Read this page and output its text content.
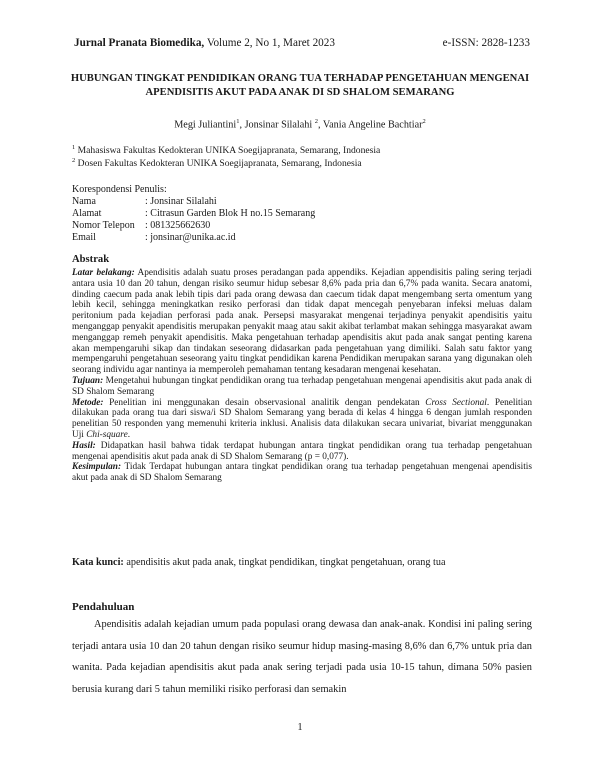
Jurnal Pranata Biomedika, Volume 2, No 1, Maret 2023	e-ISSN: 2828-1233
HUBUNGAN TINGKAT PENDIDIKAN ORANG TUA TERHADAP PENGETAHUAN MENGENAI APENDISITIS AKUT PADA ANAK DI SD SHALOM SEMARANG
Megi Juliantini$^1$, Jonsinar Silalahi $^2$, Vania Angeline Bachtiar$^2$
$^1$ Mahasiswa Fakultas Kedokteran UNIKA Soegijapranata, Semarang, Indonesia
$^2$ Dosen Fakultas Kedokteran UNIKA Soegijapranata, Semarang, Indonesia
Korespondensi Penulis:
Nama	: Jonsinar Silalahi
Alamat	: Citrasun Garden Blok H no.15 Semarang
Nomor Telepon : 08132566​2630
Email	: jonsinar@unika.ac.id
Abstrak

Latar belakang: Apendisitis adalah suatu proses peradangan pada appendiks. Kejadian appendisitis paling sering terjadi antara usia 10 dan 20 tahun, dengan risiko seumur hidup sebesar 8,6% pada pria dan 6,7% pada wanita. Secara anatomi, dinding caecum pada anak lebih tipis dari pada orang dewasa dan caecum tidak dapat mengembang serta omentum yang lebih kecil, sehingga meningkatkan resiko perforasi dan tidak dapat mencegah penyebaran infeksi meluas dalam peritonium pada kejadian perforasi pada anak. Persepsi masyarakat mengenai terjadinya penyakit apendisitis yaitu menganggap penyakit apendisitis merupakan penyakit maag atau sakit akibat terlambat makan sehingga masyarakat awam menganggap remeh penyakit apendisitis. Maka pengetahuan terhadap apendisitis akut pada anak sangat penting karena akan mempengaruhi sikap dan tindakan seseorang didasarkan pada pengetahuan yang dimiliki. Salah satu faktor yang mempengaruhi pengetahuan seseorang yaitu tingkat pendidikan karena Pendidikan merupakan sarana yang digunakan oleh seorang individu agar nantinya ia memperoleh pemahaman tentang kesadaran mengenai kesehatan.

Tujuan: Mengetahui hubungan tingkat pendidikan orang tua terhadap pengetahuan mengenai apendisitis akut pada anak di SD Shalom Semarang

Metode: Penelitian ini menggunakan desain observasional analitik dengan pendekatan Cross Sectional. Penelitian dilakukan pada orang tua dari siswa/i SD Shalom Semarang yang berada di kelas 4 hingga 6 dengan jumlah responden penelitian 50 responden yang memenuhi kriteria inklusi. Analisis data dilakukan secara univariat, bivariat menggunakan Uji Chi-square.

Hasil: Didapatkan hasil bahwa tidak terdapat hubungan antara tingkat pendidikan orang tua terhadap pengetahuan mengenai apendisitis akut pada anak di SD Shalom Semarang (p = 0,077).

Kesimpulan: Tidak Terdapat hubungan antara tingkat pendidikan orang tua terhadap pengetahuan mengenai apendisitis akut pada anak di SD Shalom Semarang

Kata kunci: apendisitis akut pada anak, tingkat pendidikan, tingkat pengetahuan, orang tua
Pendahuluan

Apendisitis adalah kejadian umum pada populasi orang dewasa dan anak-anak. Kondisi ini paling sering terjadi antara usia 10 dan 20 tahun dengan risiko seumur hidup masing-masing 8,6% dan 6,7% untuk pria dan wanita. Pada kejadian apendisitis akut pada anak sering terjadi pada usia 10-15 tahun, dimana 50% pasien berusia kurang dari 5 tahun memiliki risiko perforasi dan semakin

1
